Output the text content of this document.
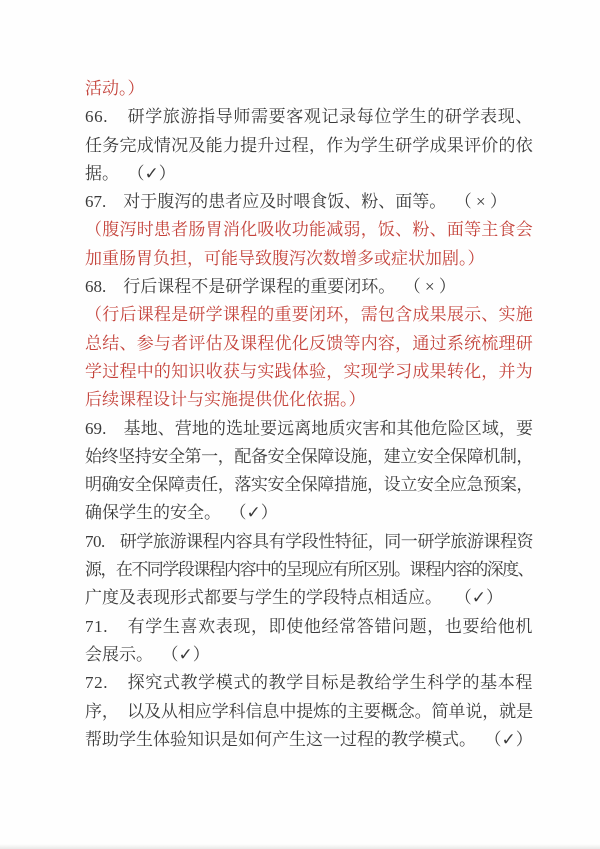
活动。）
66.    研学旅游指导师需要客观记录每位学生的研学表现、
任务完成情况及能力提升过程，作为学生研学成果评价的依
据。  （✓）
67.    对于腹泻的患者应及时喂食饭、粉、面等。  （ × ）
（腹泻时患者肠胃消化吸收功能减弱，饭、粉、面等主食会
加重肠胃负担，可能导致腹泻次数增多或症状加剧。）
68.    行后课程不是研学课程的重要闭环。  （ × ）
（行后课程是研学课程的重要闭环，需包含成果展示、实施
总结、参与者评估及课程优化反馈等内容，通过系统梳理研
学过程中的知识收获与实践体验，实现学习成果转化，并为
后续课程设计与实施提供优化依据。）
69.    基地、营地的选址要远离地质灾害和其他危险区域，要
始终坚持安全第一，配备安全保障设施，建立安全保障机制，
明确安全保障责任，落实安全保障措施，设立安全应急预案，
确保学生的安全。  （✓）
70.    研学旅游课程内容具有学段性特征，同一研学旅游课程资
源，在不同学段课程内容中的呈现应有所区别。课程内容的深度、
广度及表现形式都要与学生的学段特点相适应。   （✓）
71.    有学生喜欢表现，即使他经常答错问题，也要给他机
会展示。  （✓）
72.    探究式教学模式的教学目标是教给学生科学的基本程
序，  以及从相应学科信息中提炼的主要概念。简单说，就是
帮助学生体验知识是如何产生这一过程的教学模式。  （✓）
